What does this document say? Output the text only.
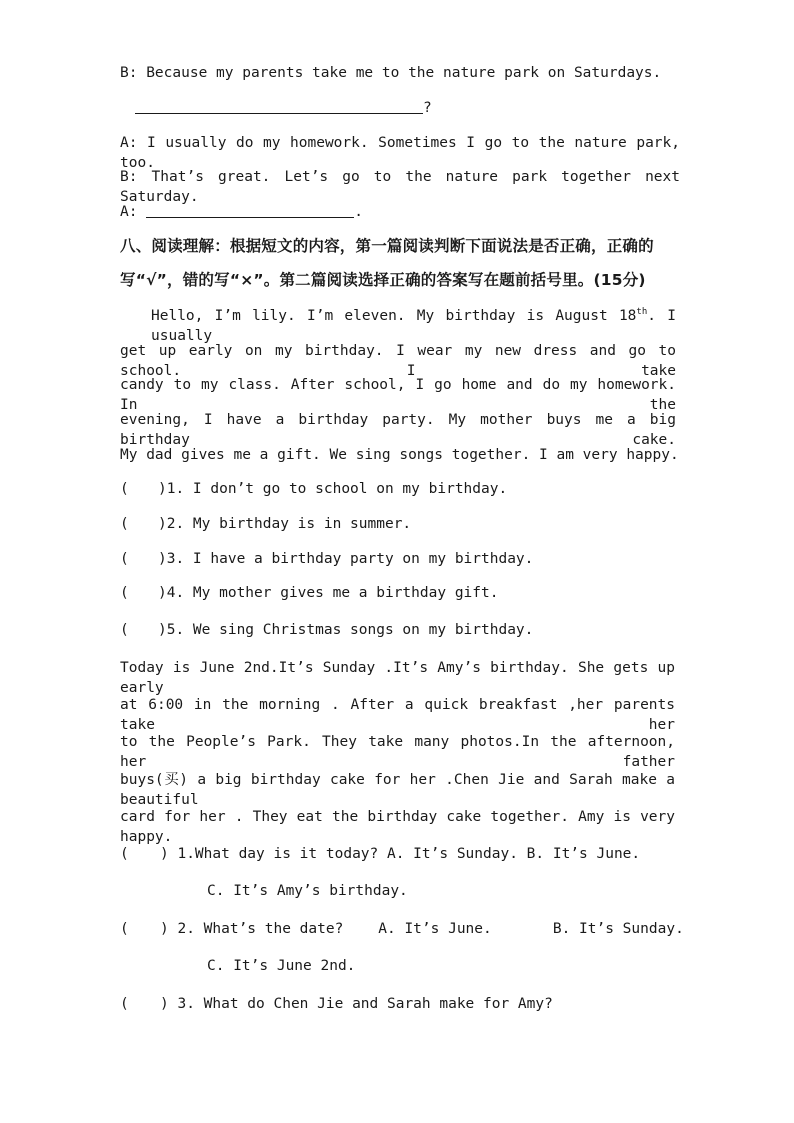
B: Because my parents take me to the nature park on Saturdays.
?
A: I usually do my homework. Sometimes I go to the nature park, too.
B: That’s great. Let’s go to the nature park together next Saturday.
A:	.
八、阅读理解：根据短文的内容，第一篇阅读判断下面说法是否正确，正确的
写“√”，错的写“×”。第二篇阅读选择正确的答案写在题前括号里。(15分)
Hello, I’m lily. I’m eleven. My birthday is August 18th. I usually
get up early on my birthday. I wear my new dress and go to school. I take
candy to my class. After school, I go home and do my homework. In the
evening, I have a birthday party. My mother buys me a big birthday cake.
My dad gives me a gift. We sing songs together. I am very happy.
( )1. I don’t go to school on my birthday.
( )2. My birthday is in summer.
( )3. I have a birthday party on my birthday.
( )4. My mother gives me a birthday gift.
( )5. We sing Christmas songs on my birthday.
Today is June 2nd.It’s Sunday .It’s Amy’s birthday. She gets up early
at 6:00 in the morning . After a quick breakfast ,her parents take her
to the People’s Park. They take many photos.In the afternoon, her father
buys(买) a big birthday cake for her .Chen Jie and Sarah make a beautiful
card for her . They eat the birthday cake together. Amy is very happy.
( ) 1.What day is it today? A. It’s Sunday. B. It’s June.
C. It’s Amy’s birthday.
( ) 2. What’s the date?    A. It’s June.       B. It’s Sunday.
C. It’s June 2nd.
( ) 3. What do Chen Jie and Sarah make for Amy?
